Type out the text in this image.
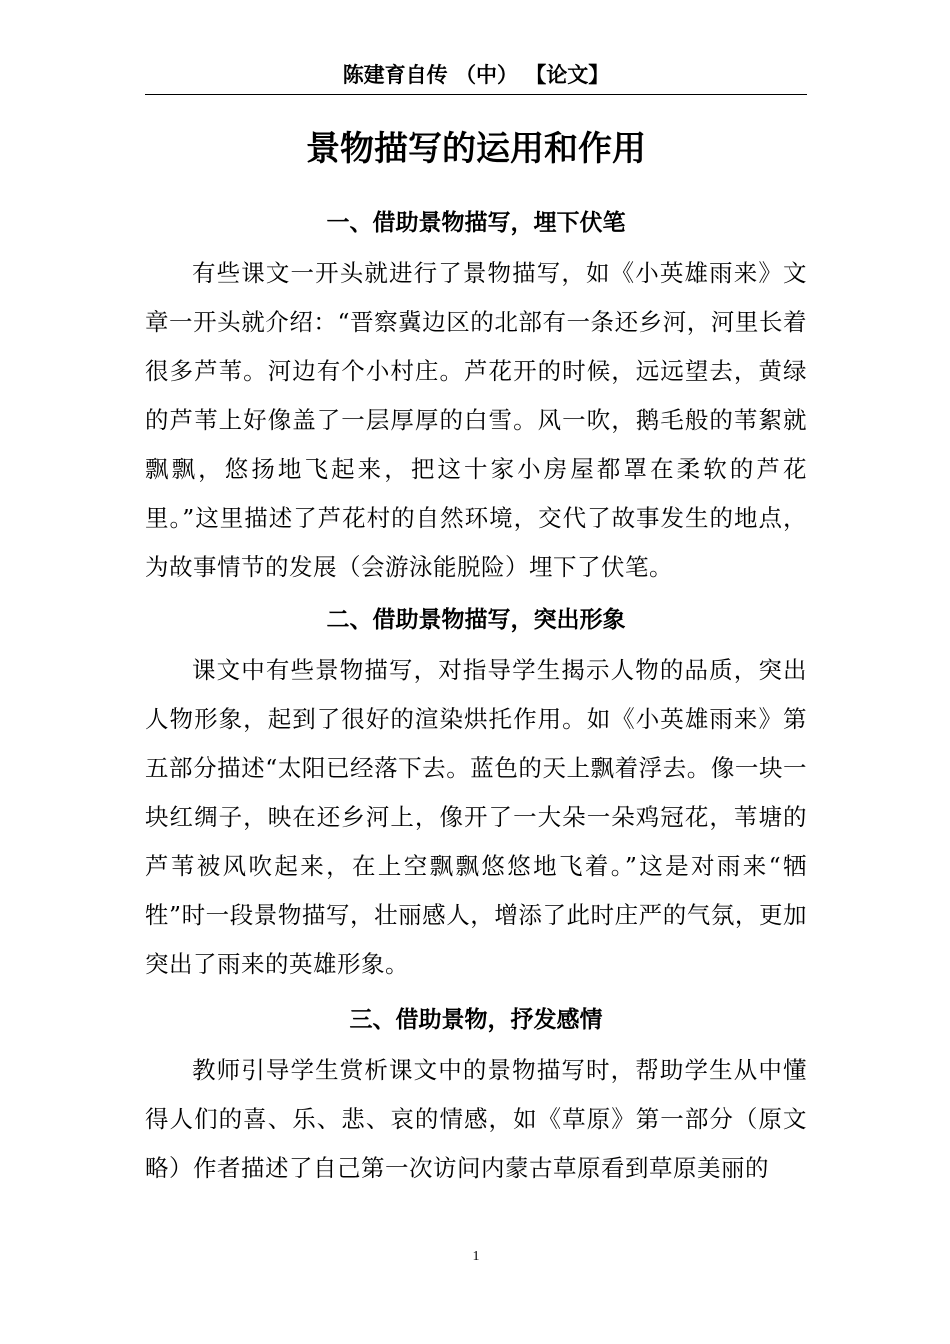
陈建育自传 （中） 【论文】
景物描写的运用和作用
一、借助景物描写，埋下伏笔
有些课文一开头就进行了景物描写，如《小英雄雨来》文章一开头就介绍：“晋察冀边区的北部有一条还乡河，河里长着很多芦苇。河边有个小村庄。芦花开的时候，远远望去，黄绿的芦苇上好像盖了一层厚厚的白雪。风一吹，鹅毛般的苇絮就飘飘，悠扬地飞起来，把这十家小房屋都罩在柔软的芦花里。”这里描述了芦花村的自然环境，交代了故事发生的地点，为故事情节的发展（会游泳能脱险）埋下了伏笔。
二、借助景物描写，突出形象
课文中有些景物描写，对指导学生揭示人物的品质，突出人物形象，起到了很好的渲染烘托作用。如《小英雄雨来》第五部分描述“太阳已经落下去。蓝色的天上飘着浮去。像一块一块红绸子，映在还乡河上，像开了一大朵一朵鸡冠花，苇塘的芦苇被风吹起来，在上空飘飘悠悠地飞着。”这是对雨来“牺牲”时一段景物描写，壮丽感人，增添了此时庄严的气氛，更加突出了雨来的英雄形象。
三、借助景物，抒发感情
教师引导学生赏析课文中的景物描写时，帮助学生从中懂得人们的喜、乐、悲、哀的情感，如《草原》第一部分（原文略）作者描述了自己第一次访问内蒙古草原看到草原美丽的
1
